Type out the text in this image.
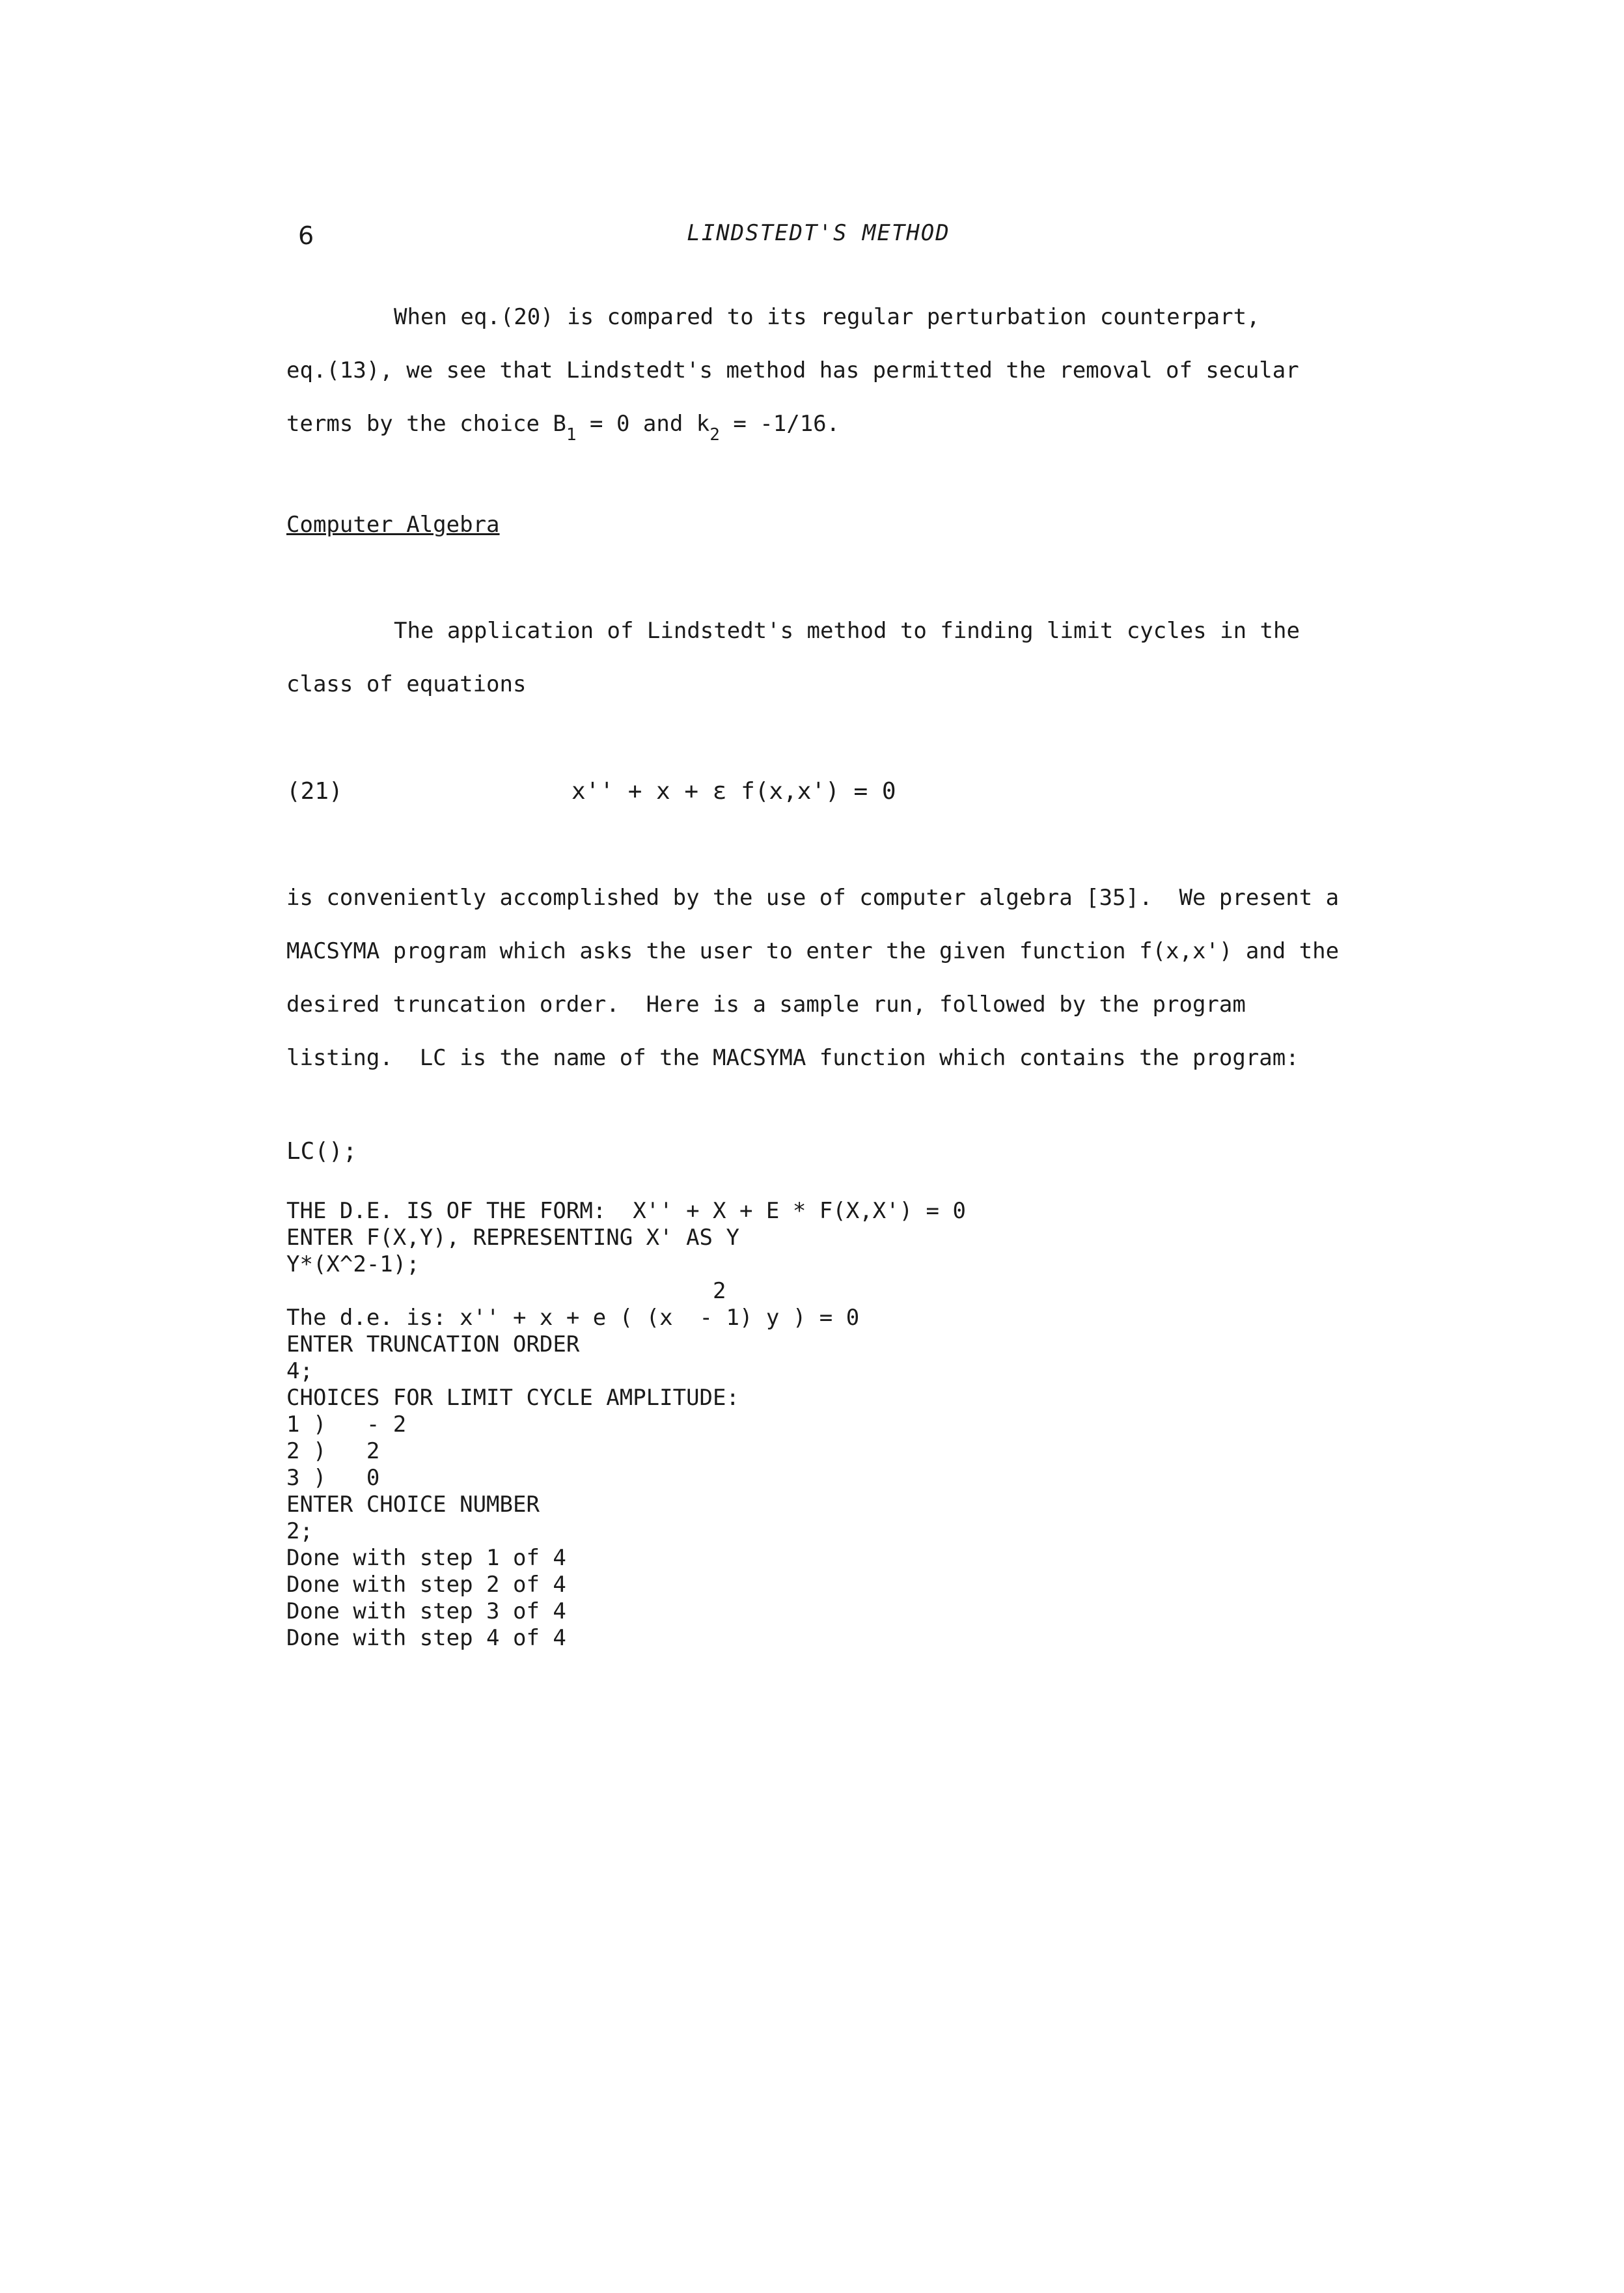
6	LINDSTEDT'S METHOD
When eq.(20) is compared to its regular perturbation counterpart,
eq.(13), we see that Lindstedt's method has permitted the removal of secular
terms by the choice $B_1 = 0$ and $k_2 = -1/16$.
Computer Algebra
The application of Lindstedt's method to finding limit cycles in the
class of equations
(21)	x'' + x + ε f(x,x') = 0
is conveniently accomplished by the use of computer algebra [35].  We present a
MACSYMA program which asks the user to enter the given function f(x,x') and the
desired truncation order.  Here is a sample run, followed by the program
listing.  LC is the name of the MACSYMA function which contains the program:
LC();
THE D.E. IS OF THE FORM:  X'' + X + E * F(X,X') = 0
ENTER F(X,Y), REPRESENTING X' AS Y
Y*(X^2-1);
2
The d.e. is: x'' + x + e ( (x  - 1) y ) = 0
ENTER TRUNCATION ORDER
4;
CHOICES FOR LIMIT CYCLE AMPLITUDE:
1 )   - 2
2 )   2
3 )   0
ENTER CHOICE NUMBER
2;
Done with step 1 of 4
Done with step 2 of 4
Done with step 3 of 4
Done with step 4 of 4
